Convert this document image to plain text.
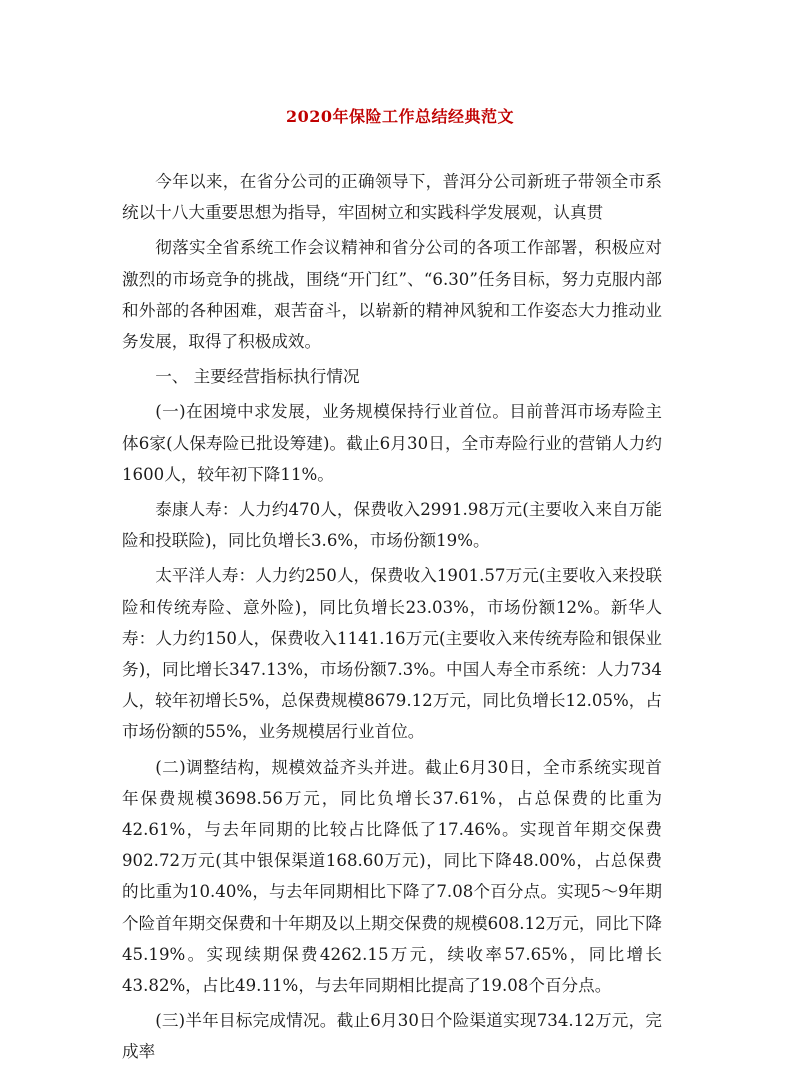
2020年保险工作总结经典范文

今年以来，在省分公司的正确领导下，普洱分公司新班子带领全市系统以十八大重要思想为指导，牢固树立和实践科学发展观，认真贯

彻落实全省系统工作会议精神和省分公司的各项工作部署，积极应对激烈的市场竞争的挑战，围绕“开门红”、“6.30”任务目标，努力克服内部和外部的各种困难，艰苦奋斗，以崭新的精神风貌和工作姿态大力推动业务发展，取得了积极成效。

一、 主要经营指标执行情况

(一)在困境中求发展，业务规模保持行业首位。目前普洱市场寿险主体6家(人保寿险已批设筹建)。截止6月30日，全市寿险行业的营销人力约1600人，较年初下降11%。

泰康人寿：人力约470人，保费收入2991.98万元(主要收入来自万能险和投联险)，同比负增长3.6%，市场份额19%。

太平洋人寿：人力约250人，保费收入1901.57万元(主要收入来投联险和传统寿险、意外险)，同比负增长23.03%，市场份额12%。新华人寿：人力约150人，保费收入1141.16万元(主要收入来传统寿险和银保业务)，同比增长347.13%，市场份额7.3%。中国人寿全市系统：人力734人，较年初增长5%，总保费规模8679.12万元，同比负增长12.05%，占市场份额的55%，业务规模居行业首位。

(二)调整结构，规模效益齐头并进。截止6月30日，全市系统实现首年保费规模3698.56万元，同比负增长37.61%，占总保费的比重为42.61%，与去年同期的比较占比降低了17.46%。实现首年期交保费902.72万元(其中银保渠道168.60万元)，同比下降48.00%，占总保费的比重为10.40%，与去年同期相比下降了7.08个百分点。实现5～9年期个险首年期交保费和十年期及以上期交保费的规模608.12万元，同比下降45.19%。实现续期保费4262.15万元，续收率57.65%，同比增长43.82%，占比49.11%，与去年同期相比提高了19.08个百分点。

(三)半年目标完成情况。截止6月30日个险渠道实现734.12万元，完成率
